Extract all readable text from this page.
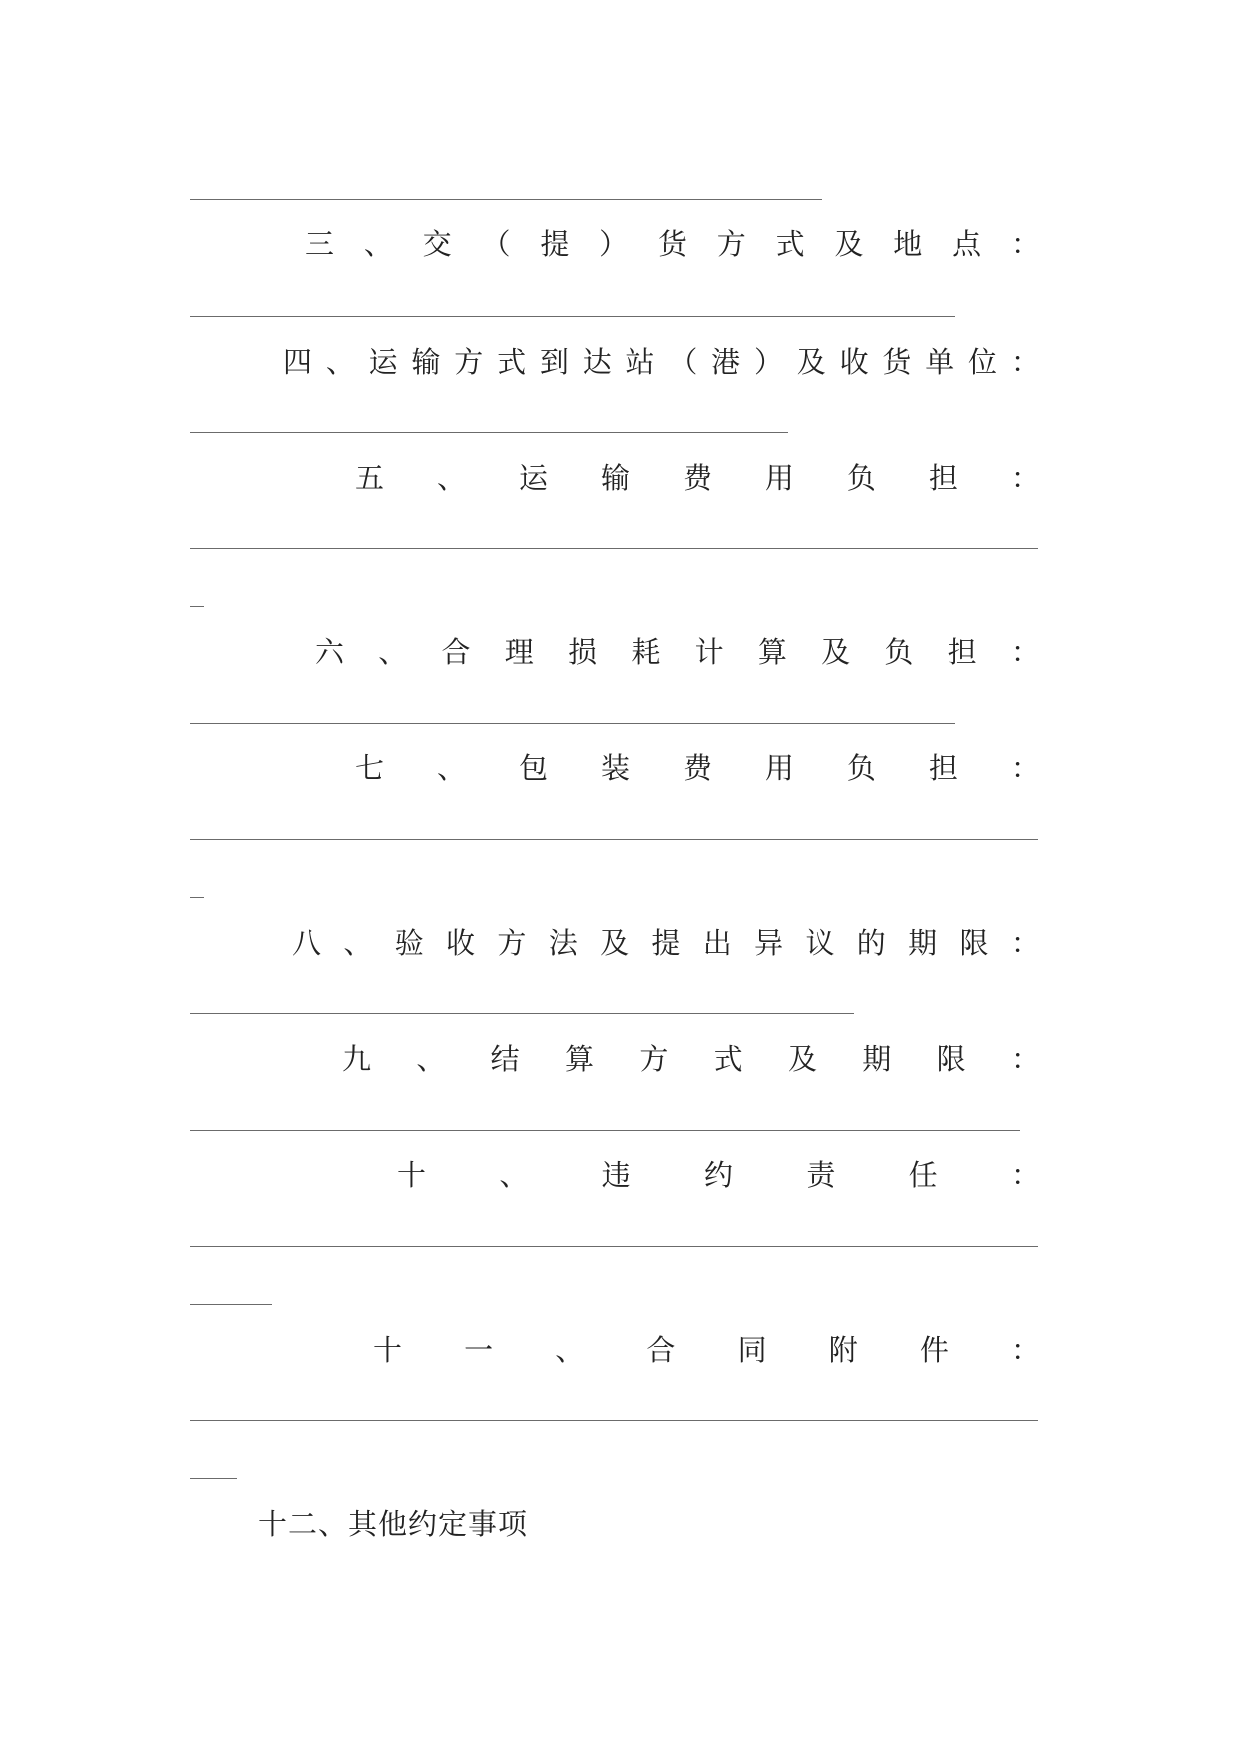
三 、 交 （ 提 ） 货 方 式 及 地 点 ：
四 、 运 输 方 式 到 达 站 （ 港 ） 及 收 货 单 位 ：
五 、 运 输 费 用 负 担 ：
六 、 合 理 损 耗 计 算 及 负 担 ：
七 、 包 装 费 用 负 担 ：
八 、 验 收 方 法 及 提 出 异 议 的 期 限 ：
九 、 结 算 方 式 及 期 限 ：
十	、	违	约	责	任	：
十 一 、 合 同 附 件 ：
十二、其他约定事项
